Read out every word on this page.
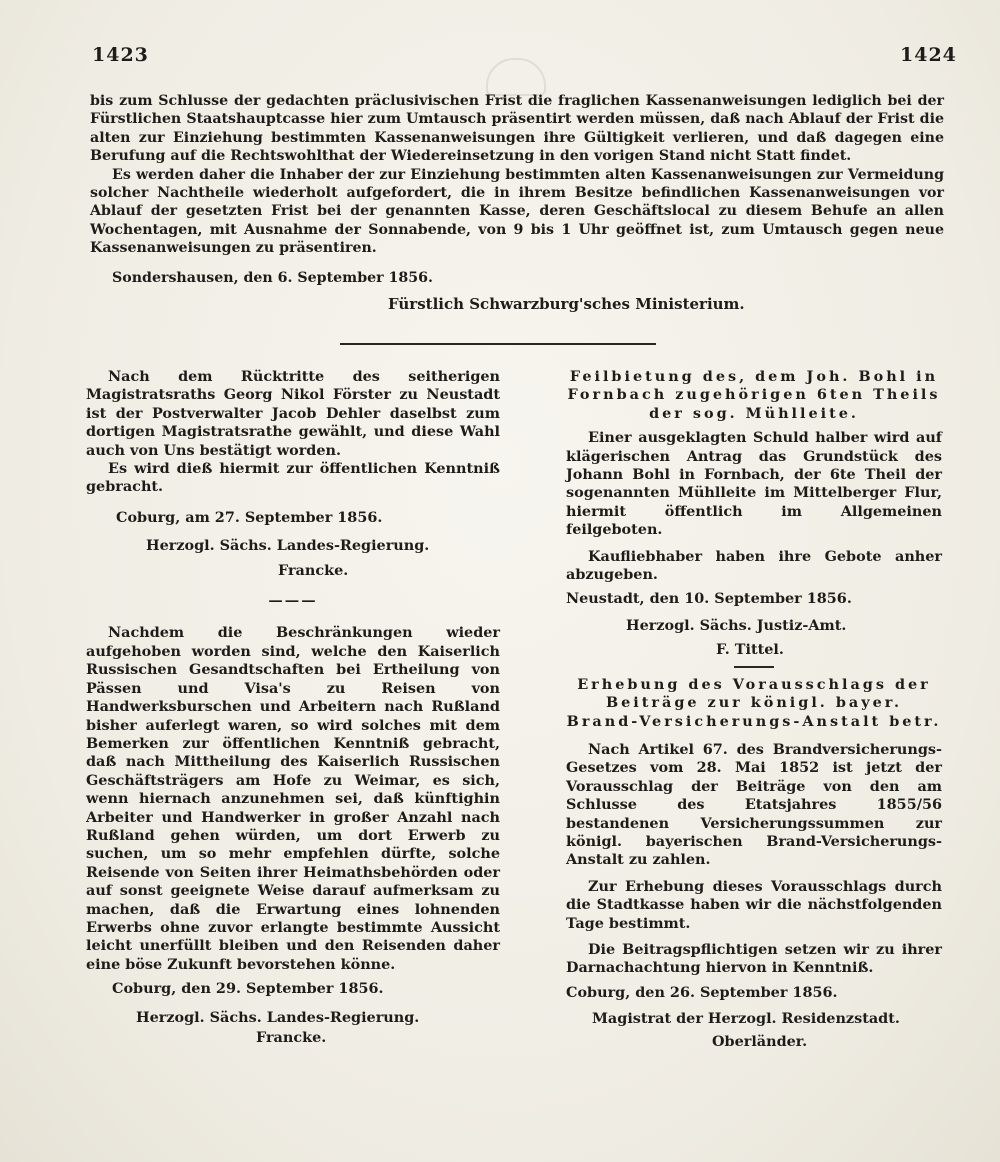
1423	1424

bis zum Schlusse der gedachten präclusivischen Frist die fraglichen Kassenanweisungen lediglich bei der Fürstlichen Staatshauptcasse hier zum Umtausch präsentirt werden müssen, daß nach Ablauf der Frist die alten zur Einziehung bestimmten Kassenanweisungen ihre Gültigkeit verlieren, und daß dagegen eine Berufung auf die Rechtswohlthat der Wiedereinsetzung in den vorigen Stand nicht Statt findet.

Es werden daher die Inhaber der zur Einziehung bestimmten alten Kassenanweisungen zur Vermeidung solcher Nachtheile wiederholt aufgefordert, die in ihrem Besitze befindlichen Kassenanweisungen vor Ablauf der gesetzten Frist bei der genannten Kasse, deren Geschäftslocal zu diesem Behufe an allen Wochentagen, mit Ausnahme der Sonnabende, von 9 bis 1 Uhr geöffnet ist, zum Umtausch gegen neue Kassenanweisungen zu präsentiren.

Sondershausen, den 6. September 1856.
Fürstlich Schwarzburg'sches Ministerium.

Nach dem Rücktritte des seitherigen Magistratsraths Georg Nikol Förster zu Neustadt ist der Postverwalter Jacob Dehler daselbst zum dortigen Magistratsrathe gewählt, und diese Wahl auch von Uns bestätigt worden.

Es wird dieß hiermit zur öffentlichen Kenntniß gebracht.

Coburg, am 27. September 1856.

Herzogl. Sächs. Landes-Regierung.

Francke.

———

Nachdem die Beschränkungen wieder aufgehoben worden sind, welche den Kaiserlich Russischen Gesandtschaften bei Ertheilung von Pässen und Visa's zu Reisen von Handwerksburschen und Arbeitern nach Rußland bisher auferlegt waren, so wird solches mit dem Bemerken zur öffentlichen Kenntniß gebracht, daß nach Mittheilung des Kaiserlich Russischen Geschäftsträgers am Hofe zu Weimar, es sich, wenn hiernach anzunehmen sei, daß künftighin Arbeiter und Handwerker in großer Anzahl nach Rußland gehen würden, um dort Erwerb zu suchen, um so mehr empfehlen dürfte, solche Reisende von Seiten ihrer Heimathsbehörden oder auf sonst geeignete Weise darauf aufmerksam zu machen, daß die Erwartung eines lohnenden Erwerbs ohne zuvor erlangte bestimmte Aussicht leicht unerfüllt bleiben und den Reisenden daher eine böse Zukunft bevorstehen könne.

Coburg, den 29. September 1856.

Herzogl. Sächs. Landes-Regierung.

Francke.

Feilbietung des, dem Joh. Bohl in Fornbach zugehörigen 6ten Theils der sog. Mühlleite.

Einer ausgeklagten Schuld halber wird auf klägerischen Antrag das Grundstück des Johann Bohl in Fornbach, der 6te Theil der sogenannten Mühlleite im Mittelberger Flur, hiermit öffentlich im Allgemeinen feilgeboten.

Kaufliebhaber haben ihre Gebote anher abzugeben.

Neustadt, den 10. September 1856.

Herzogl. Sächs. Justiz-Amt.

F. Tittel.

Erhebung des Vorausschlags der Beiträge zur königl. bayer. Brand-Versicherungs-Anstalt betr.

Nach Artikel 67. des Brandversicherungs-Gesetzes vom 28. Mai 1852 ist jetzt der Vorausschlag der Beiträge von den am Schlusse des Etatsjahres 1855/56 bestandenen Versicherungssummen zur königl. bayerischen Brand-Versicherungs-Anstalt zu zahlen.

Zur Erhebung dieses Vorausschlags durch die Stadtkasse haben wir die nächstfolgenden Tage bestimmt.

Die Beitragspflichtigen setzen wir zu ihrer Darnachachtung hiervon in Kenntniß.

Coburg, den 26. September 1856.

Magistrat der Herzogl. Residenzstadt.

Oberländer.
